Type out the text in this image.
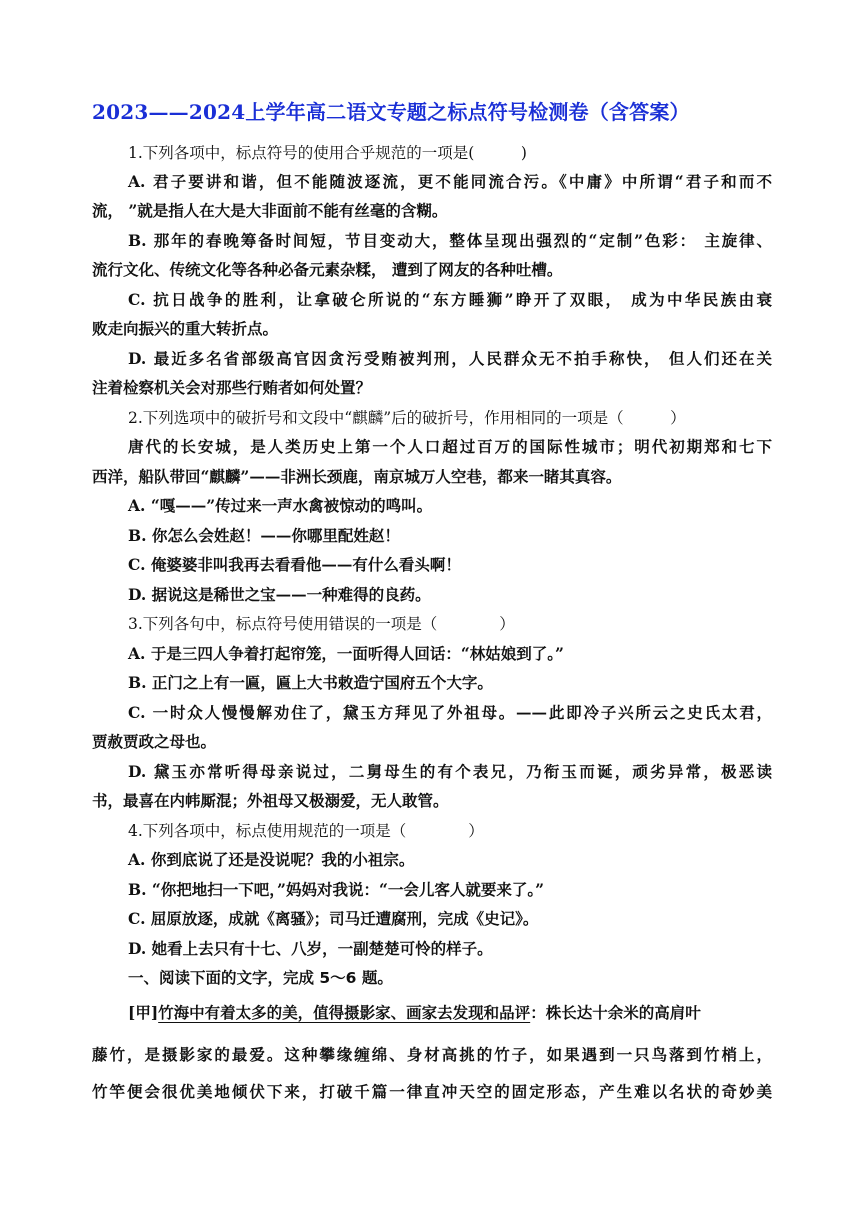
2023——2024上学年高二语文专题之标点符号检测卷（含答案）
1.下列各项中，标点符号的使用合乎规范的一项是(　　　)
A. 君子要讲和谐，但不能随波逐流，更不能同流合污。《中庸》中所谓“君子和而不
流， ”就是指人在大是大非面前不能有丝毫的含糊。
B. 那年的春晚筹备时间短，节目变动大，整体呈现出强烈的“定制”色彩： 主旋律、
流行文化、传统文化等各种必备元素杂糅， 遭到了网友的各种吐槽。
C. 抗日战争的胜利，让拿破仑所说的“东方睡狮”睁开了双眼， 成为中华民族由衰
败走向振兴的重大转折点。
D. 最近多名省部级高官因贪污受贿被判刑，人民群众无不拍手称快， 但人们还在关
注着检察机关会对那些行贿者如何处置？
2.下列选项中的破折号和文段中“麒麟”后的破折号，作用相同的一项是（　　　）
唐代的长安城，是人类历史上第一个人口超过百万的国际性城市；明代初期郑和七下
西洋，船队带回“麒麟”——非洲长颈鹿，南京城万人空巷，都来一睹其真容。
A. “嘎——”传过来一声水禽被惊动的鸣叫。
B. 你怎么会姓赵！——你哪里配姓赵！
C. 俺婆婆非叫我再去看看他——有什么看头啊！
D. 据说这是稀世之宝——一种难得的良药。
3.下列各句中，标点符号使用错误的一项是（　　　　）
A. 于是三四人争着打起帘笼，一面听得人回话：“林姑娘到了。”
B. 正门之上有一匾，匾上大书敕造宁国府五个大字。
C. 一时众人慢慢解劝住了，黛玉方拜见了外祖母。——此即冷子兴所云之史氏太君，
贾赦贾政之母也。
D. 黛玉亦常听得母亲说过，二舅母生的有个表兄，乃衔玉而诞，顽劣异常，极恶读
书，最喜在内帏厮混；外祖母又极溺爱，无人敢管。
4.下列各项中，标点使用规范的一项是（　　　　）
A. 你到底说了还是没说呢？我的小祖宗。
B. “你把地扫一下吧，”妈妈对我说：“一会儿客人就要来了。”
C. 屈原放逐，成就《离骚》；司马迁遭腐刑，完成《史记》。
D. 她看上去只有十七、八岁，一副楚楚可怜的样子。
一、阅读下面的文字，完成 5～6 题。
[甲]竹海中有着太多的美，值得摄影家、画家去发现和品评：株长达十余米的高肩叶
藤竹，是摄影家的最爱。这种攀缘缠绵、身材高挑的竹子，如果遇到一只鸟落到竹梢上，
竹竿便会很优美地倾伏下来，打破千篇一律直冲天空的固定形态，产生难以名状的奇妙美
